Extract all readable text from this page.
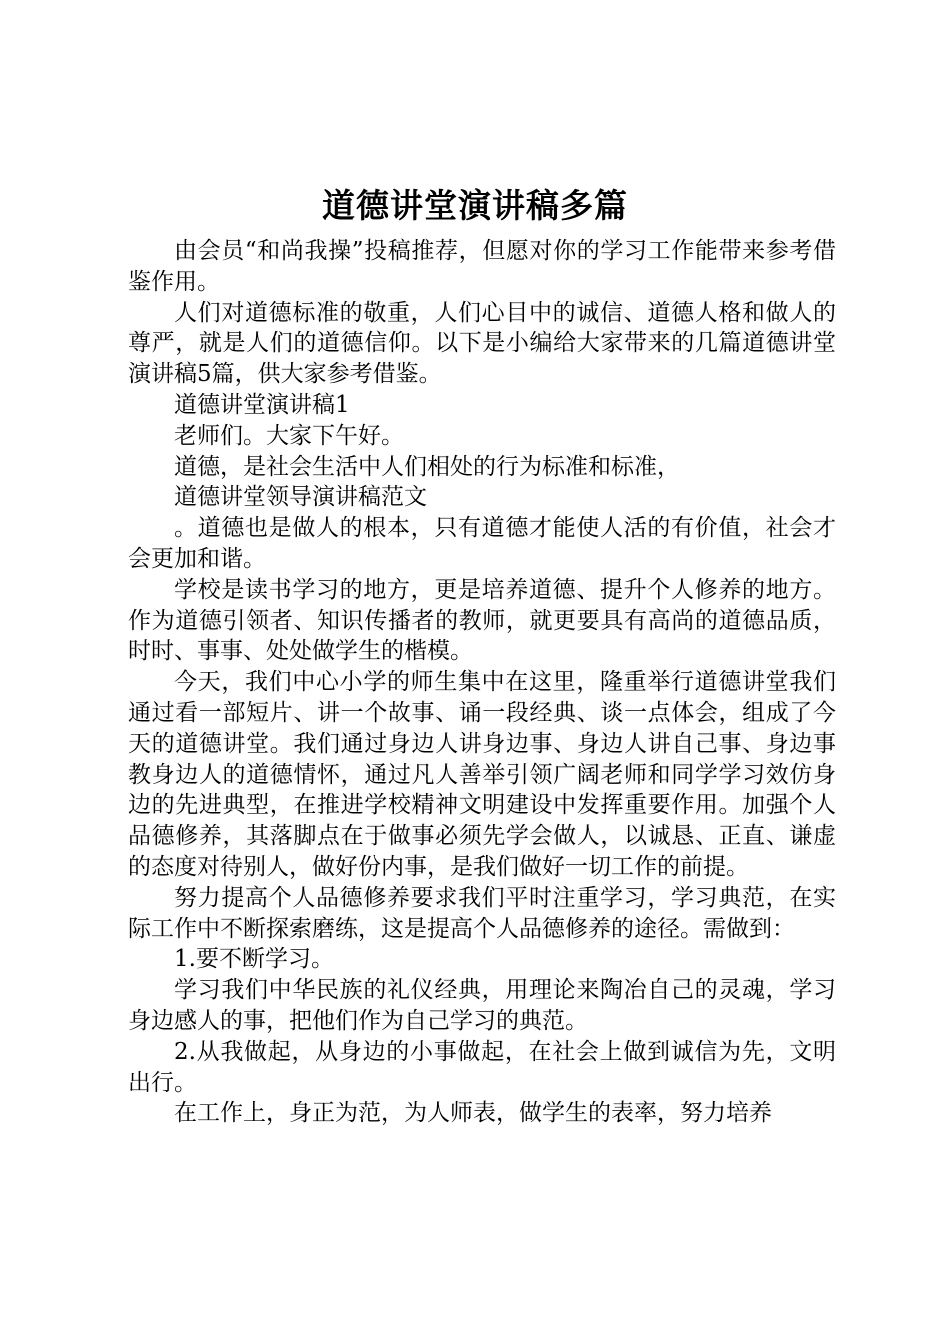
道德讲堂演讲稿多篇

由会员“和尚我操”投稿推荐，但愿对你的学习工作能带来参考借鉴作用。

人们对道德标准的敬重，人们心目中的诚信、道德人格和做人的尊严，就是人们的道德信仰。以下是小编给大家带来的几篇道德讲堂演讲稿5篇，供大家参考借鉴。

道德讲堂演讲稿1

老师们。大家下午好。

道德，是社会生活中人们相处的行为标准和标准，

道德讲堂领导演讲稿范文

。道德也是做人的根本，只有道德才能使人活的有价值，社会才会更加和谐。

学校是读书学习的地方，更是培养道德、提升个人修养的地方。作为道德引领者、知识传播者的教师，就更要具有高尚的道德品质，时时、事事、处处做学生的楷模。

今天，我们中心小学的师生集中在这里，隆重举行道德讲堂我们通过看一部短片、讲一个故事、诵一段经典、谈一点体会，组成了今天的道德讲堂。我们通过身边人讲身边事、身边人讲自己事、身边事教身边人的道德情怀，通过凡人善举引领广阔老师和同学学习效仿身边的先进典型，在推进学校精神文明建设中发挥重要作用。加强个人品德修养，其落脚点在于做事必须先学会做人，以诚恳、正直、谦虚的态度对待别人，做好份内事，是我们做好一切工作的前提。

努力提高个人品德修养要求我们平时注重学习，学习典范，在实际工作中不断探索磨练，这是提高个人品德修养的途径。需做到：

1.要不断学习。

学习我们中华民族的礼仪经典，用理论来陶冶自己的灵魂，学习身边感人的事，把他们作为自己学习的典范。

2.从我做起，从身边的小事做起，在社会上做到诚信为先，文明出行。

在工作上，身正为范，为人师表，做学生的表率，努力培养
